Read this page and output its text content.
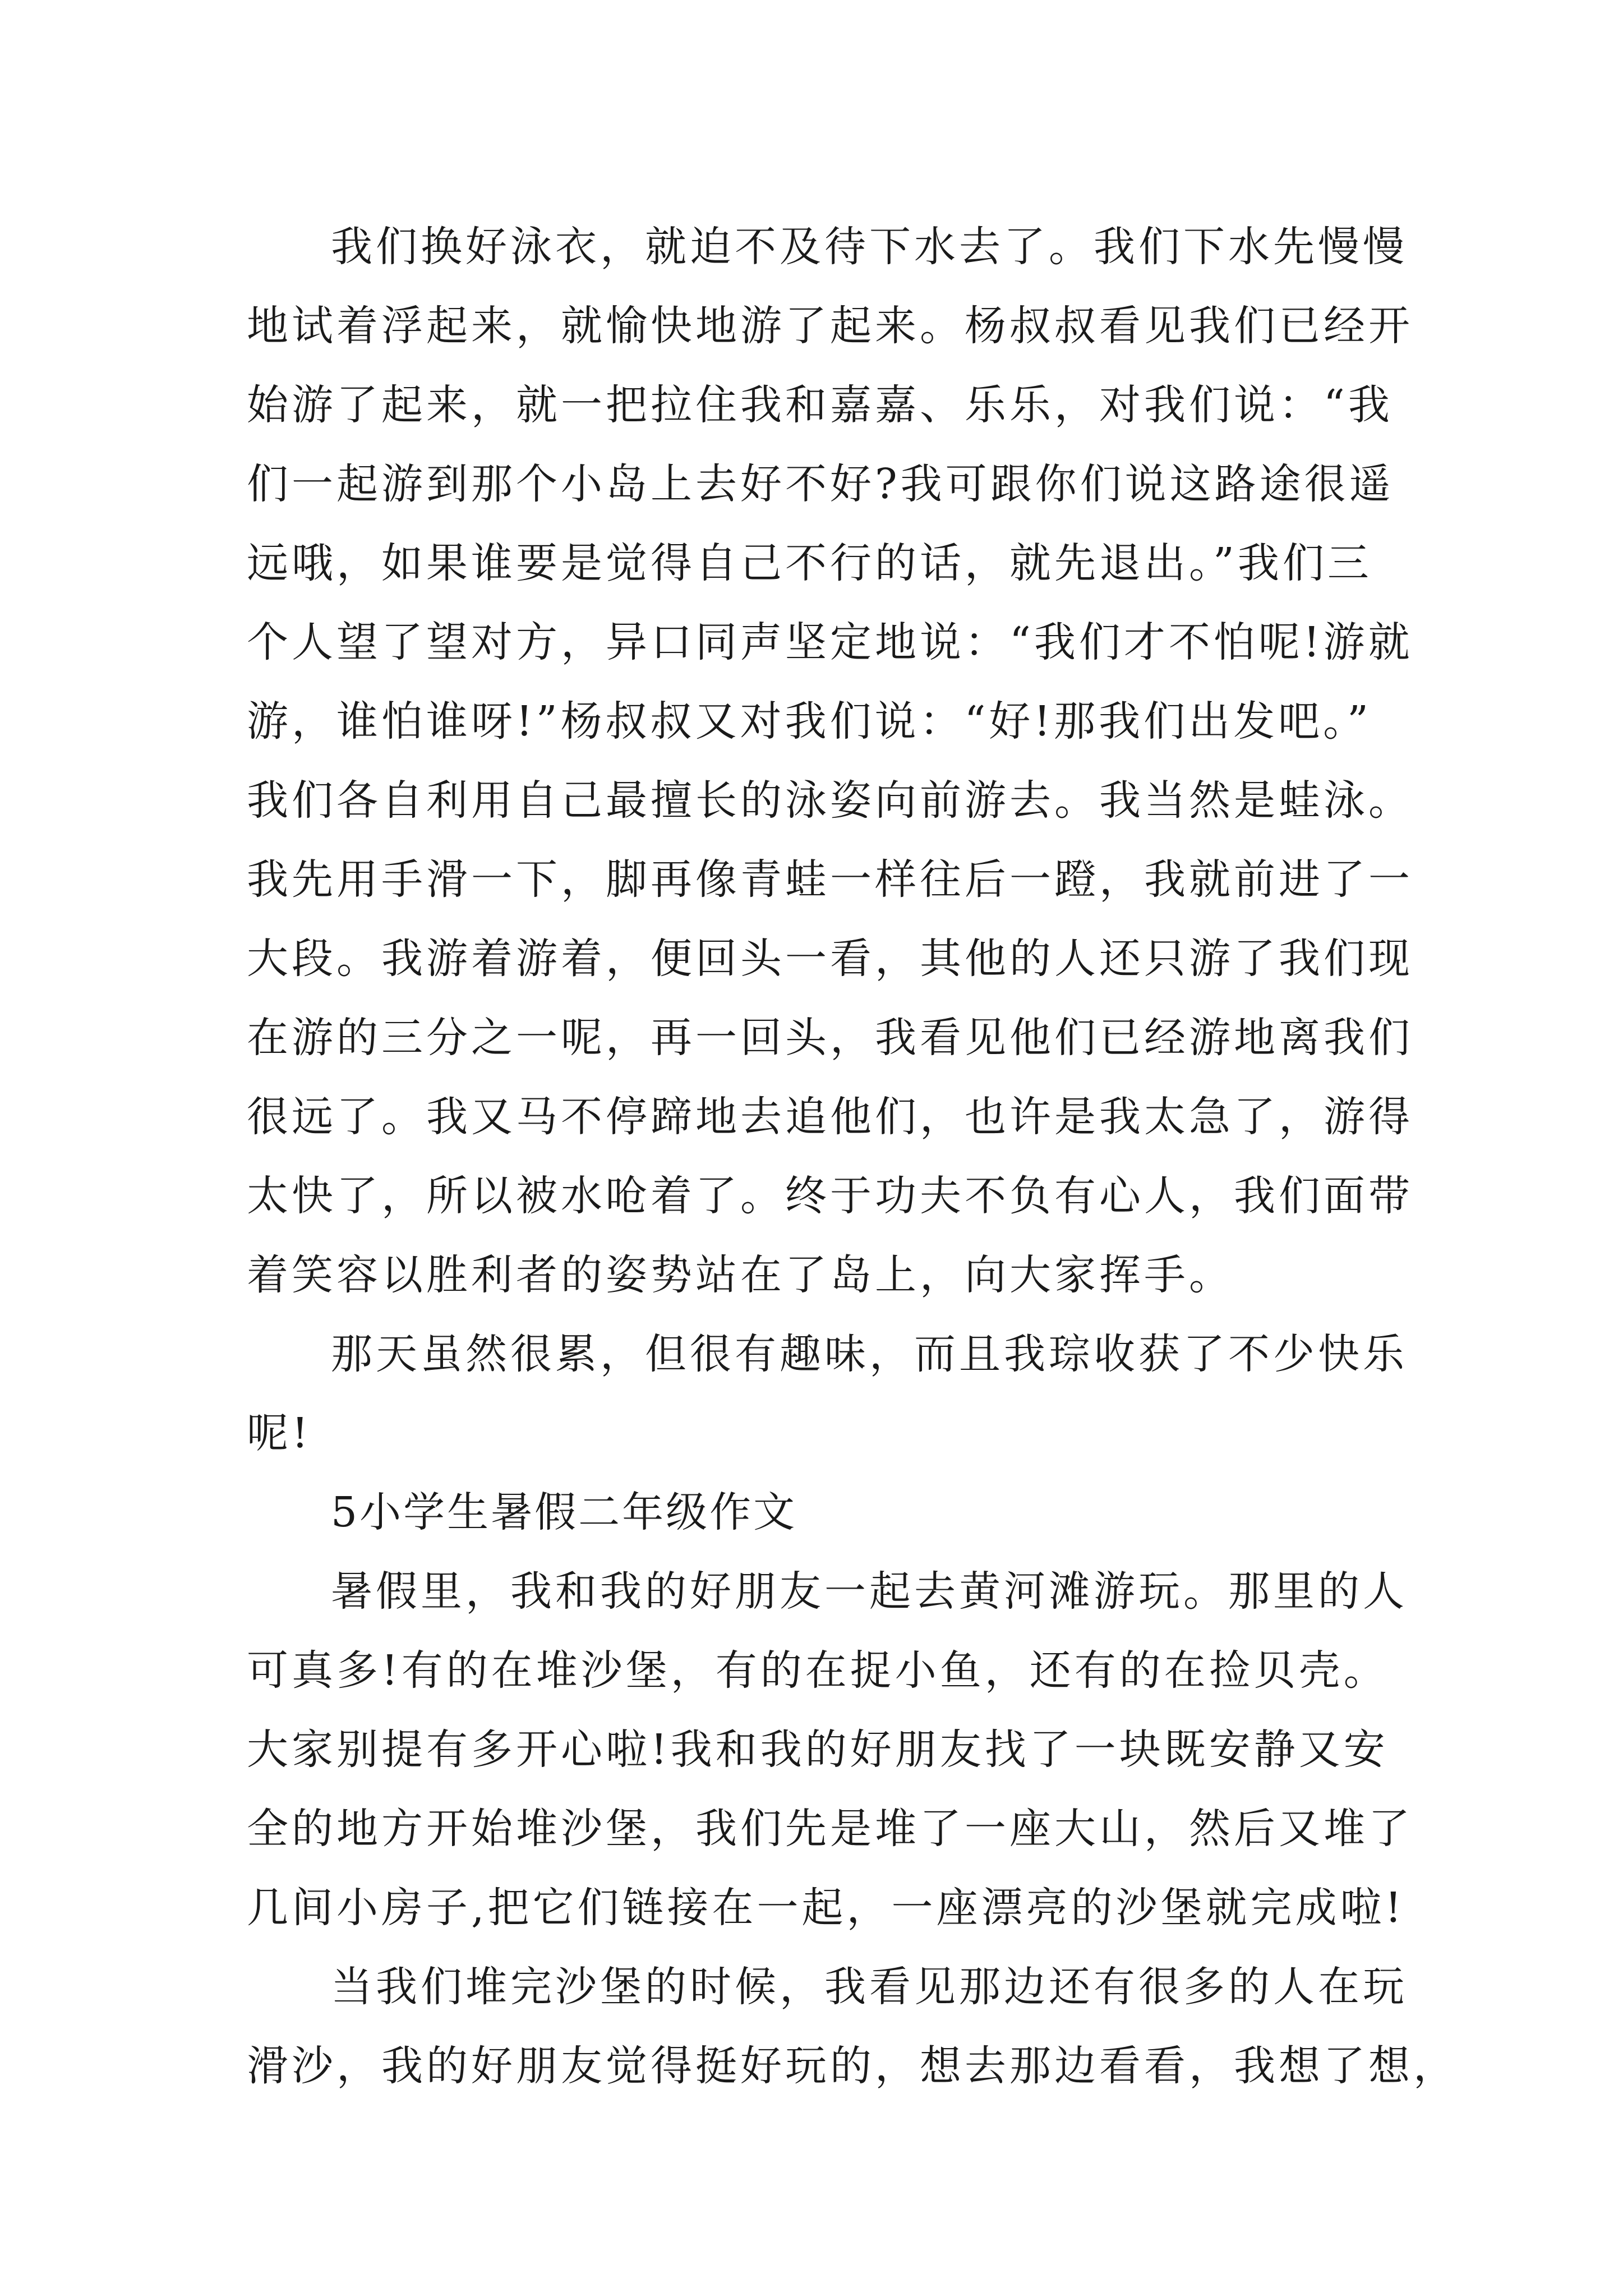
我们换好泳衣，就迫不及待下水去了。我们下水先慢慢
地试着浮起来，就愉快地游了起来。杨叔叔看见我们已经开
始游了起来，就一把拉住我和嘉嘉、乐乐，对我们说：“我
们一起游到那个小岛上去好不好?我可跟你们说这路途很遥
远哦，如果谁要是觉得自己不行的话，就先退出。”我们三
个人望了望对方，异口同声坚定地说：“我们才不怕呢!游就
游，谁怕谁呀!”杨叔叔又对我们说：“好!那我们出发吧。”
我们各自利用自己最擅长的泳姿向前游去。我当然是蛙泳。
我先用手滑一下，脚再像青蛙一样往后一蹬，我就前进了一
大段。我游着游着，便回头一看，其他的人还只游了我们现
在游的三分之一呢，再一回头，我看见他们已经游地离我们
很远了。我又马不停蹄地去追他们，也许是我太急了，游得
太快了，所以被水呛着了。终于功夫不负有心人，我们面带
着笑容以胜利者的姿势站在了岛上，向大家挥手。
那天虽然很累，但很有趣味，而且我琮收获了不少快乐
呢!
5小学生暑假二年级作文
暑假里，我和我的好朋友一起去黄河滩游玩。那里的人
可真多!有的在堆沙堡，有的在捉小鱼，还有的在捡贝壳。
大家别提有多开心啦!我和我的好朋友找了一块既安静又安
全的地方开始堆沙堡，我们先是堆了一座大山，然后又堆了
几间小房子,把它们链接在一起，一座漂亮的沙堡就完成啦!
当我们堆完沙堡的时候，我看见那边还有很多的人在玩
滑沙，我的好朋友觉得挺好玩的，想去那边看看，我想了想，
